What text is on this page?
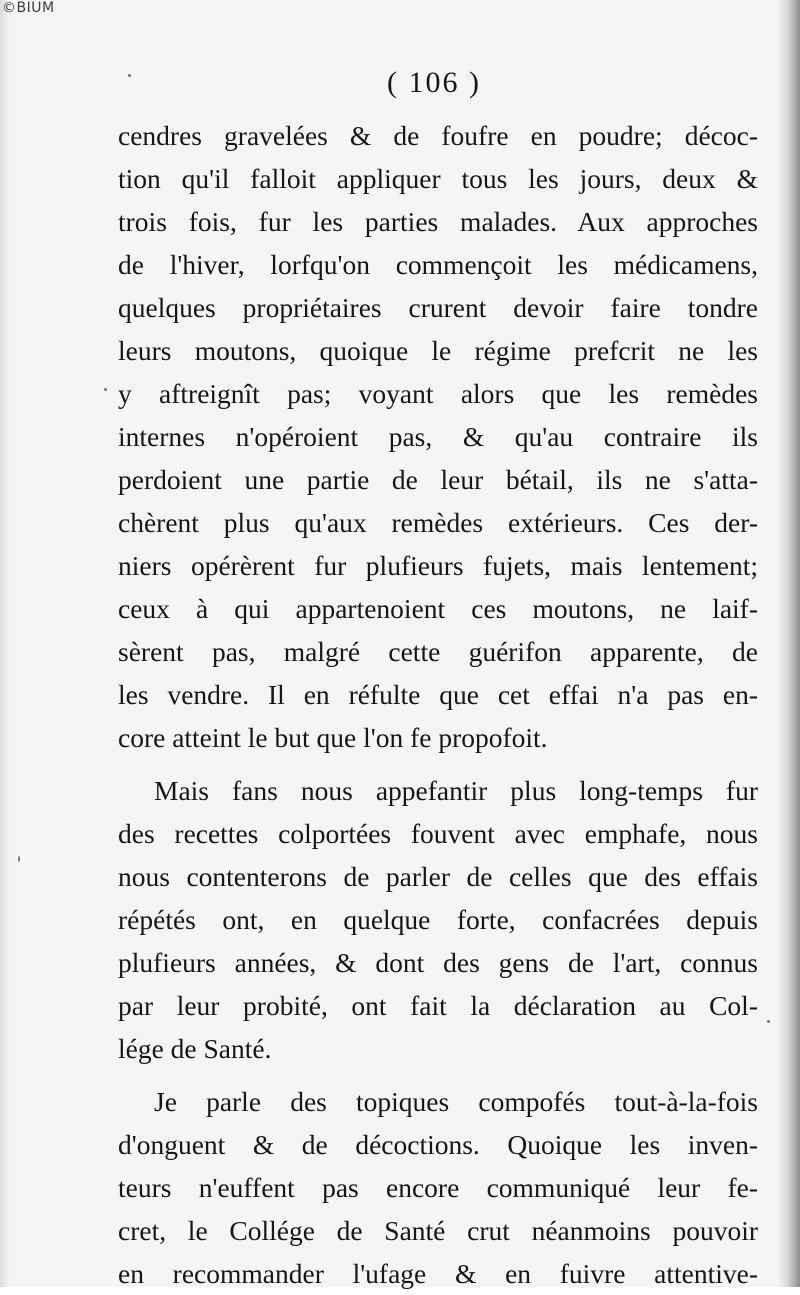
©BIUM
( 106 )
cendres gravelées & de foufre en poudre; décoc-
tion qu'il falloit appliquer tous les jours, deux &
trois fois, fur les parties malades. Aux approches
de l'hiver, lorfqu'on commençoit les médicamens,
quelques propriétaires crurent devoir faire tondre
leurs moutons, quoique le régime prefcrit ne les
y aftreignît pas; voyant alors que les remèdes
internes n'opéroient pas, & qu'au contraire ils
perdoient une partie de leur bétail, ils ne s'atta-
chèrent plus qu'aux remèdes extérieurs. Ces der-
niers opérèrent fur plufieurs fujets, mais lentement;
ceux à qui appartenoient ces moutons, ne laif-
sèrent pas, malgré cette guérifon apparente, de
les vendre. Il en réfulte que cet effai n'a pas en-
core atteint le but que l'on fe propofoit.
Mais fans nous appefantir plus long-temps fur
des recettes colportées fouvent avec emphafe, nous
nous contenterons de parler de celles que des effais
répétés ont, en quelque forte, confacrées depuis
plufieurs années, & dont des gens de l'art, connus
par leur probité, ont fait la déclaration au Col-
lége de Santé.
Je parle des topiques compofés tout-à-la-fois
d'onguent & de décoctions. Quoique les inven-
teurs n'euffent pas encore communiqué leur fe-
cret, le Collége de Santé crut néanmoins pouvoir
en recommander l'ufage & en fuivre attentive-
